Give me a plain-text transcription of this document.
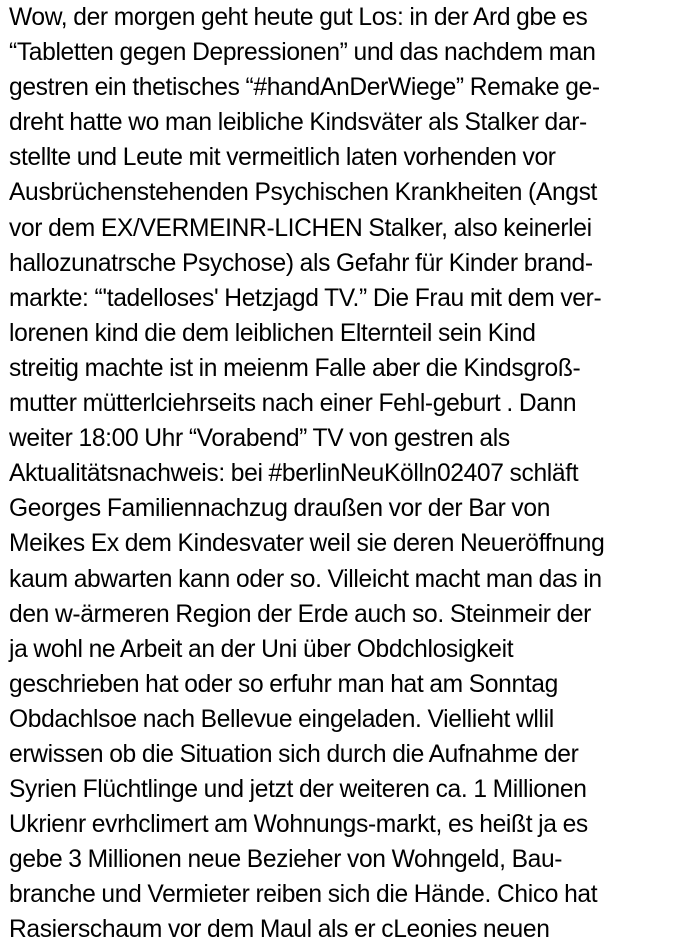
Wow, der morgen geht heute gut Los: in der Ard gbe es
“Tabletten gegen Depressionen” und das nachdem man
gestren ein thetisches “#handAnDerWiege” Remake ge-
dreht hatte wo man leibliche Kindsväter als Stalker dar-
stellte und Leute mit vermeitlich laten vorhenden vor
Ausbrüchenstehenden Psychischen Krankheiten (Angst
vor dem EX/VERMEINR-LICHEN Stalker, also keinerlei
hallozunatrsche Psychose) als Gefahr für Kinder brand-
markte: “'tadelloses' Hetzjagd TV.” Die Frau mit dem ver-
lorenen kind die dem leiblichen Elternteil sein Kind
streitig machte ist in meienm Falle aber die Kindsgroß-
mutter mütterlciehrseits nach einer Fehl-geburt . Dann
weiter 18:00 Uhr “Vorabend” TV von gestren als
Aktualitätsnachweis: bei #berlinNeuKölln02407 schläft
Georges Familiennachzug draußen vor der Bar von
Meikes Ex dem Kindesvater weil sie deren Neueröffnung
kaum abwarten kann oder so. Villeicht macht man das in
den w-ärmeren Region der Erde auch so. Steinmeir der
ja wohl ne Arbeit an der Uni über Obdchlosigkeit
geschrieben hat oder so erfuhr man hat am Sonntag
Obdachlsoe nach Bellevue eingeladen. Viellieht wllil
erwissen ob die Situation sich durch die Aufnahme der
Syrien Flüchtlinge und jetzt der weiteren ca. 1 Millionen
Ukrienr evrhclimert am Wohnungs-markt, es heißt ja es
gebe 3 Millionen neue Bezieher von Wohngeld, Bau-
branche und Vermieter reiben sich die Hände. Chico hat
Rasierschaum vor dem Maul als er cLeonies neuen
